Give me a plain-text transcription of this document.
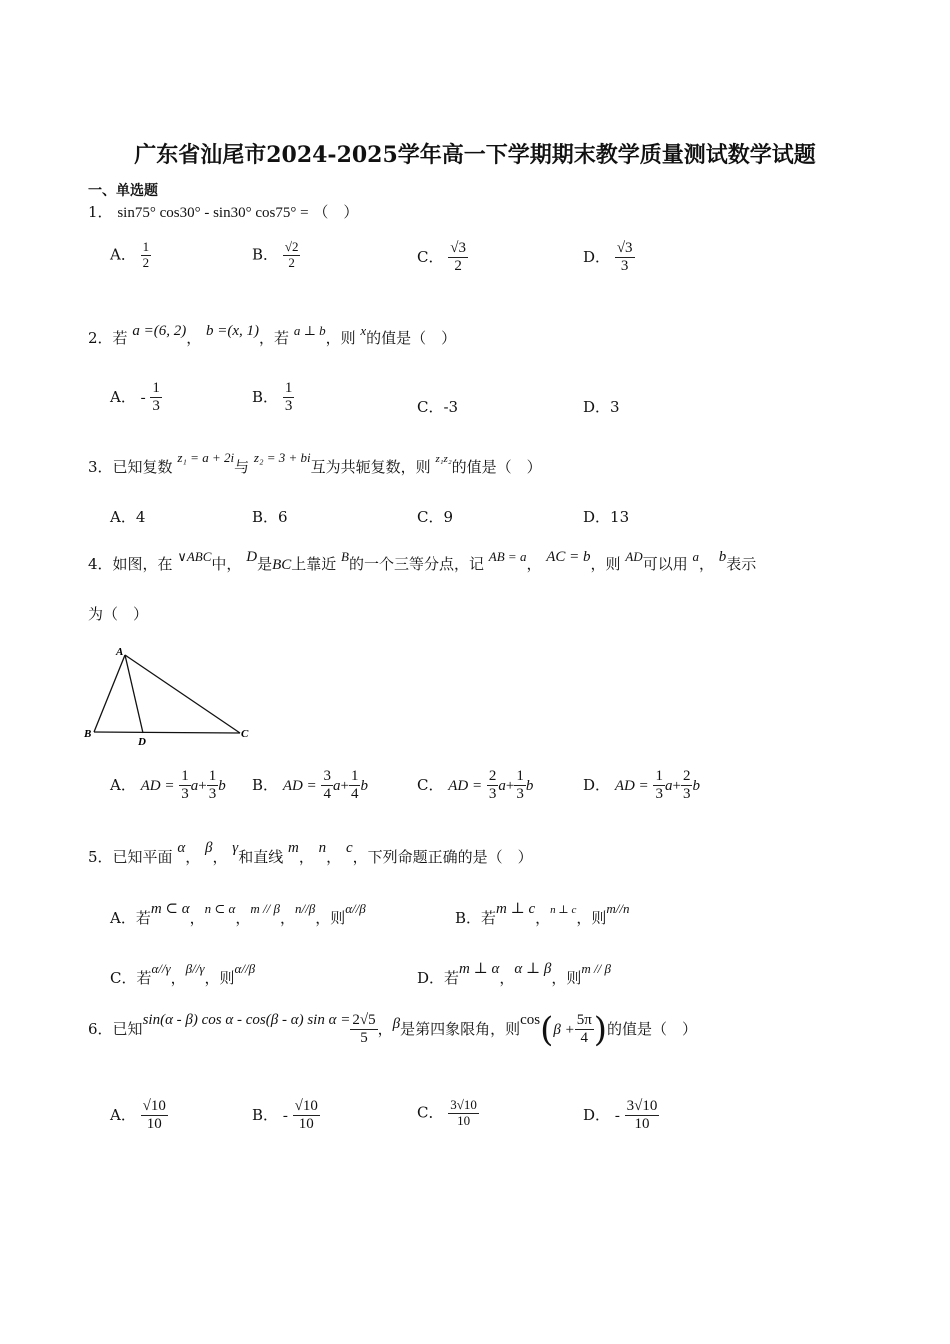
广东省汕尾市2024-2025学年高一下学期期末教学质量测试数学试题
一、单选题
1． sin75° cos30° - sin30° cos75° = （　）
A． $\frac{1}{2}$	B． $\frac{√2}{2}$	C． $\frac{√3}{2}$	D． $\frac{√3}{3}$
2．若 a =(6, 2)， b =(x, 1)，若 a ⊥ b，则 x的值是（　）
A． - $\frac{1}{3}$	B． $\frac{1}{3}$	C．-3	D．3
3．已知复数 z₁ = a + 2i与 z₂ = 3 + bi互为共轭复数，则 $^{z_1z_2}$的值是（　）
A．4	B．6	C．9	D．13
4．如图，在 ∨ABC中， D是BC上靠近 B的一个三等分点，记 AB = a， AC = b，则 AD可以用 a， b表示
为（　）
A
B	C
D
A． AD = $\frac{1}{3} a+ \frac{1}{3}$ b B． AD = $\frac{3}{4} a+ \frac{1}{4}$ b	C． AD = $\frac{2}{3} a+ \frac{1}{3}$ b	D． AD = $\frac{1}{3} a+ \frac{2}{3}$ b
5．已知平面 α， β， γ和直线 m， n， c，下列命题正确的是（　）
A．若m ⊂ α，n ⊂ α，m // β，n//β，则α//β
B．若m ⊥ c，$^{n \perp c}$，则m//n
C．若α//γ，β//γ，则α//β
D．若m ⊥ α，α ⊥ β，则m // β
6．已知sin(α - β) cos α - cos(β - α) $\sin \alpha = \frac{2√5}{5}$ ，β是第四象限角，则$\cos(\beta + \frac{5\pi}{4}$ )的值是（　）
A． $\frac{√10}{10}$	B． - $\frac{√10}{10}$	C． $\frac{3√10}{10}$	D． - $\frac{3√10}{10}$
